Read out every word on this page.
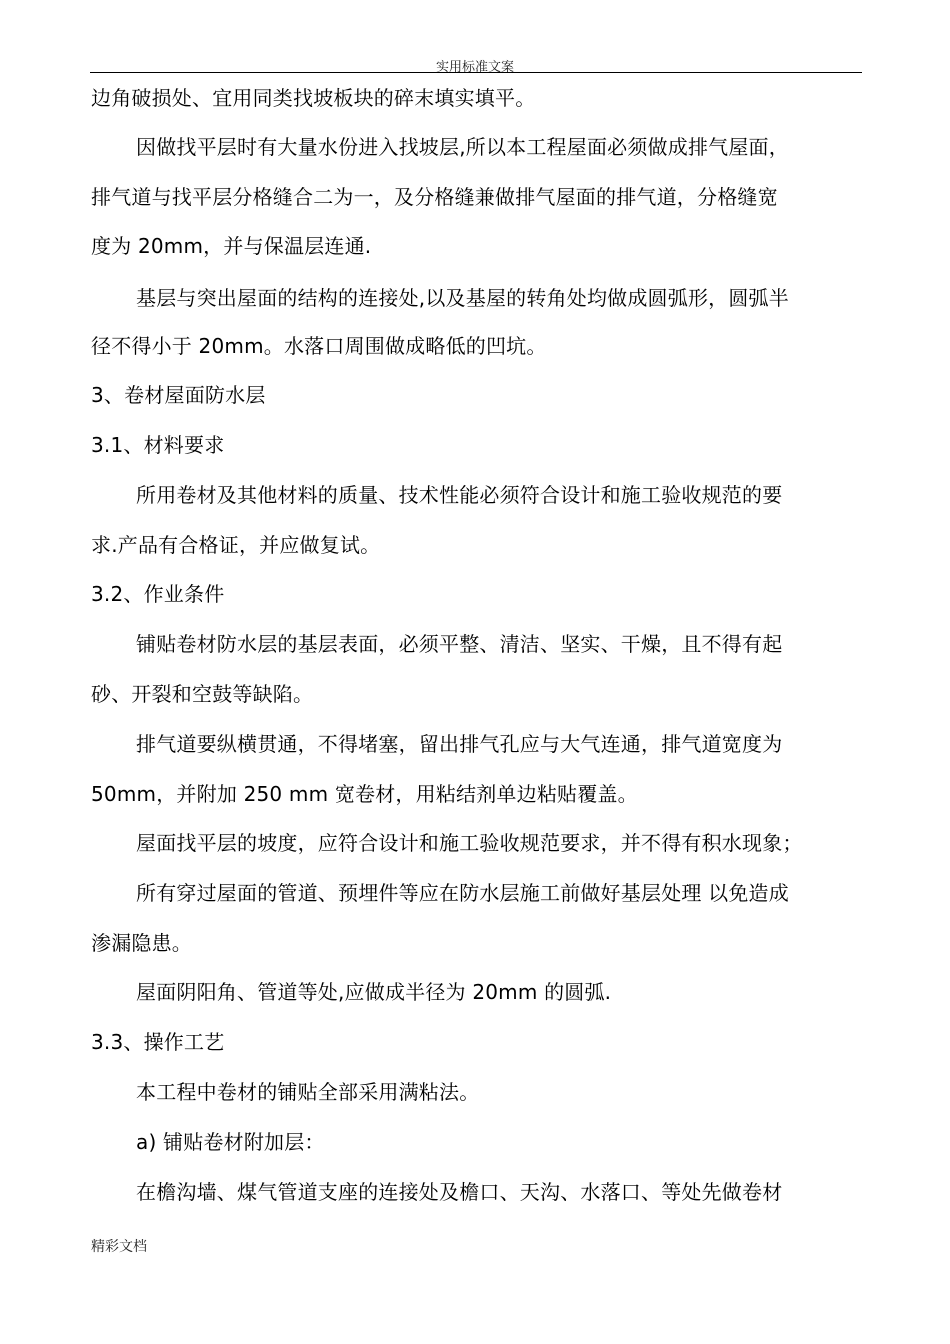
实用标准文案
边角破损处、宜用同类找坡板块的碎末填实填平。
因做找平层时有大量水份进入找坡层,所以本工程屋面必须做成排气屋面，
排气道与找平层分格缝合二为一，及分格缝兼做排气屋面的排气道，分格缝宽
度为 20mm，并与保温层连通.
基层与突出屋面的结构的连接处,以及基屋的转角处均做成圆弧形，圆弧半
径不得小于 20mm。水落口周围做成略低的凹坑。
3、卷材屋面防水层
3.1、材料要求
所用卷材及其他材料的质量、技术性能必须符合设计和施工验收规范的要
求.产品有合格证，并应做复试。
3.2、作业条件
铺贴卷材防水层的基层表面，必须平整、清洁、坚实、干燥，且不得有起
砂、开裂和空鼓等缺陷。
排气道要纵横贯通，不得堵塞，留出排气孔应与大气连通，排气道宽度为
50mm，并附加 250 mm 宽卷材，用粘结剂单边粘贴覆盖。
屋面找平层的坡度，应符合设计和施工验收规范要求，并不得有积水现象；
所有穿过屋面的管道、预埋件等应在防水层施工前做好基层处理 以免造成
渗漏隐患。
屋面阴阳角、管道等处,应做成半径为 20mm 的圆弧.
3.3、操作工艺
本工程中卷材的铺贴全部采用满粘法。
a) 铺贴卷材附加层：
在檐沟墙、煤气管道支座的连接处及檐口、天沟、水落口、等处先做卷材
精彩文档
